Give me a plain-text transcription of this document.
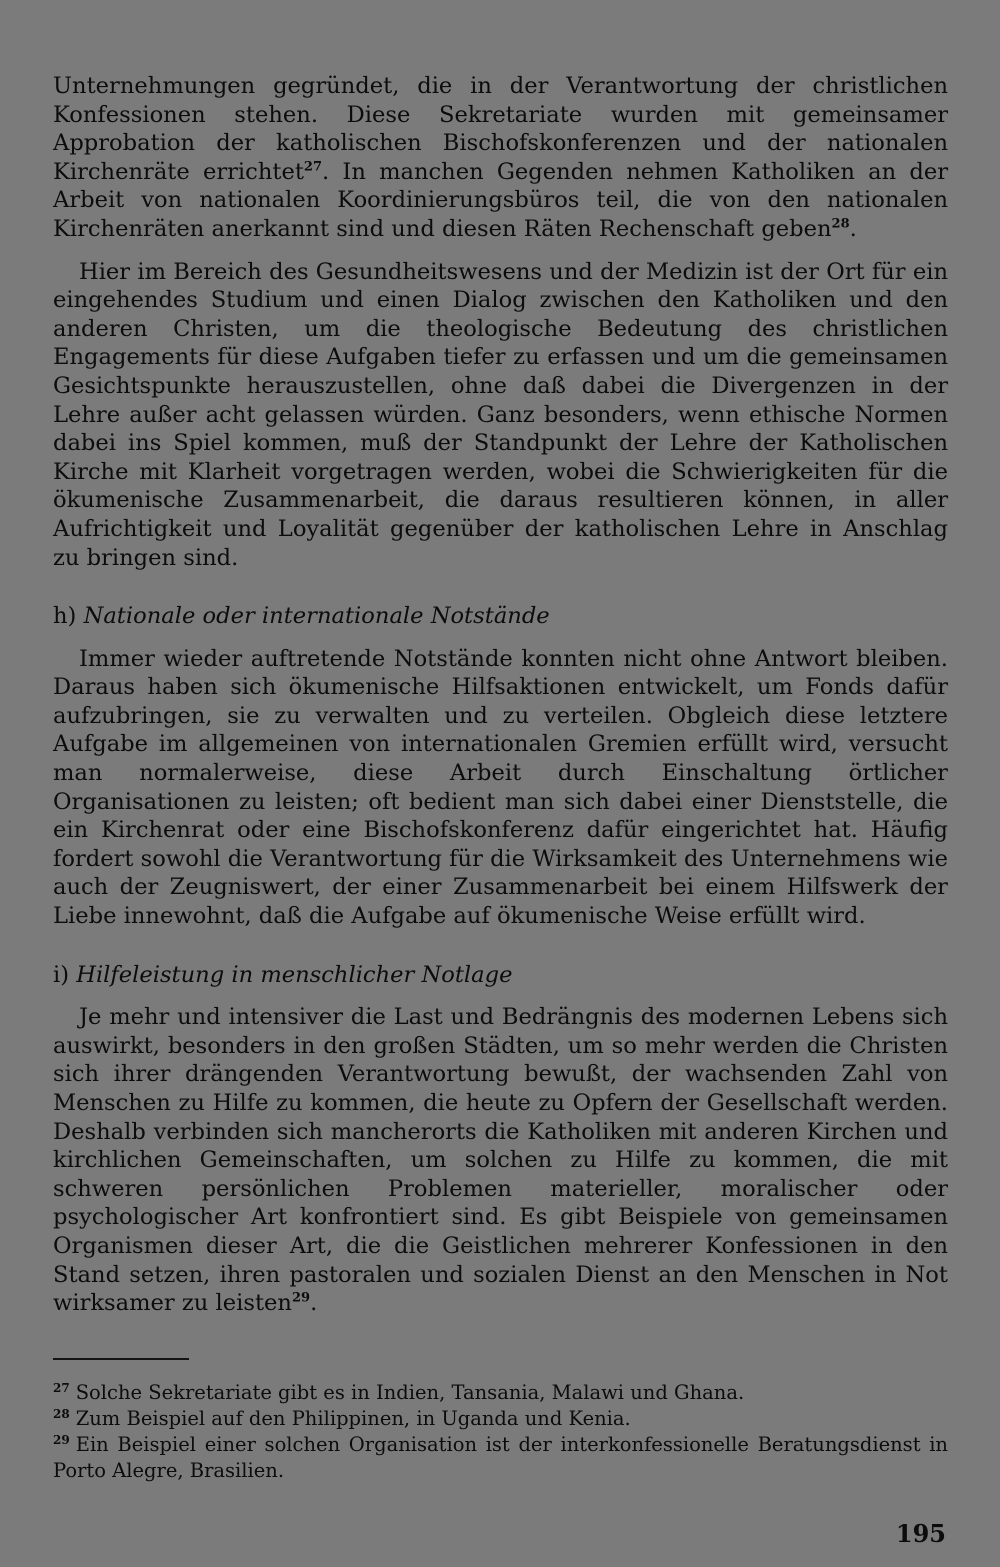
Unternehmungen gegründet, die in der Verantwortung der christlichen Konfessionen stehen. Diese Sekretariate wurden mit gemeinsamer Approbation der katholischen Bischofskonferenzen und der nationalen Kirchenräte errichtet$^{27}$. In manchen Gegenden nehmen Katholiken an der Arbeit von nationalen Koordinierungsbüros teil, die von den nationalen Kirchenräten anerkannt sind und diesen Räten Rechenschaft geben$^{28}$.

Hier im Bereich des Gesundheitswesens und der Medizin ist der Ort für ein eingehendes Studium und einen Dialog zwischen den Katholiken und den anderen Christen, um die theologische Bedeutung des christlichen Engagements für diese Aufgaben tiefer zu erfassen und um die gemeinsamen Gesichtspunkte herauszustellen, ohne daß dabei die Divergenzen in der Lehre außer acht gelassen würden. Ganz besonders, wenn ethische Normen dabei ins Spiel kommen, muß der Standpunkt der Lehre der Katholischen Kirche mit Klarheit vorgetragen werden, wobei die Schwierigkeiten für die ökumenische Zusammenarbeit, die daraus resultieren können, in aller Aufrichtigkeit und Loyalität gegenüber der katholischen Lehre in Anschlag zu bringen sind.

h) Nationale oder internationale Notstände

Immer wieder auftretende Notstände konnten nicht ohne Antwort bleiben. Daraus haben sich ökumenische Hilfsaktionen entwickelt, um Fonds dafür aufzubringen, sie zu verwalten und zu verteilen. Obgleich diese letztere Aufgabe im allgemeinen von internationalen Gremien erfüllt wird, versucht man normalerweise, diese Arbeit durch Einschaltung örtlicher Organisationen zu leisten; oft bedient man sich dabei einer Dienststelle, die ein Kirchenrat oder eine Bischofskonferenz dafür eingerichtet hat. Häufig fordert sowohl die Verantwortung für die Wirksamkeit des Unternehmens wie auch der Zeugniswert, der einer Zusammenarbeit bei einem Hilfswerk der Liebe innewohnt, daß die Aufgabe auf ökumenische Weise erfüllt wird.

i) Hilfeleistung in menschlicher Notlage

Je mehr und intensiver die Last und Bedrängnis des modernen Lebens sich auswirkt, besonders in den großen Städten, um so mehr werden die Christen sich ihrer drängenden Verantwortung bewußt, der wachsenden Zahl von Menschen zu Hilfe zu kommen, die heute zu Opfern der Gesellschaft werden. Deshalb verbinden sich mancherorts die Katholiken mit anderen Kirchen und kirchlichen Gemeinschaften, um solchen zu Hilfe zu kommen, die mit schweren persönlichen Problemen materieller, moralischer oder psychologischer Art konfrontiert sind. Es gibt Beispiele von gemeinsamen Organismen dieser Art, die die Geistlichen mehrerer Konfessionen in den Stand setzen, ihren pastoralen und sozialen Dienst an den Menschen in Not wirksamer zu leisten$^{29}$.

$^{27}$ Solche Sekretariate gibt es in Indien, Tansania, Malawi und Ghana.

$^{28}$ Zum Beispiel auf den Philippinen, in Uganda und Kenia.

$^{29}$ Ein Beispiel einer solchen Organisation ist der interkonfessionelle Beratungsdienst in Porto Alegre, Brasilien.

195
